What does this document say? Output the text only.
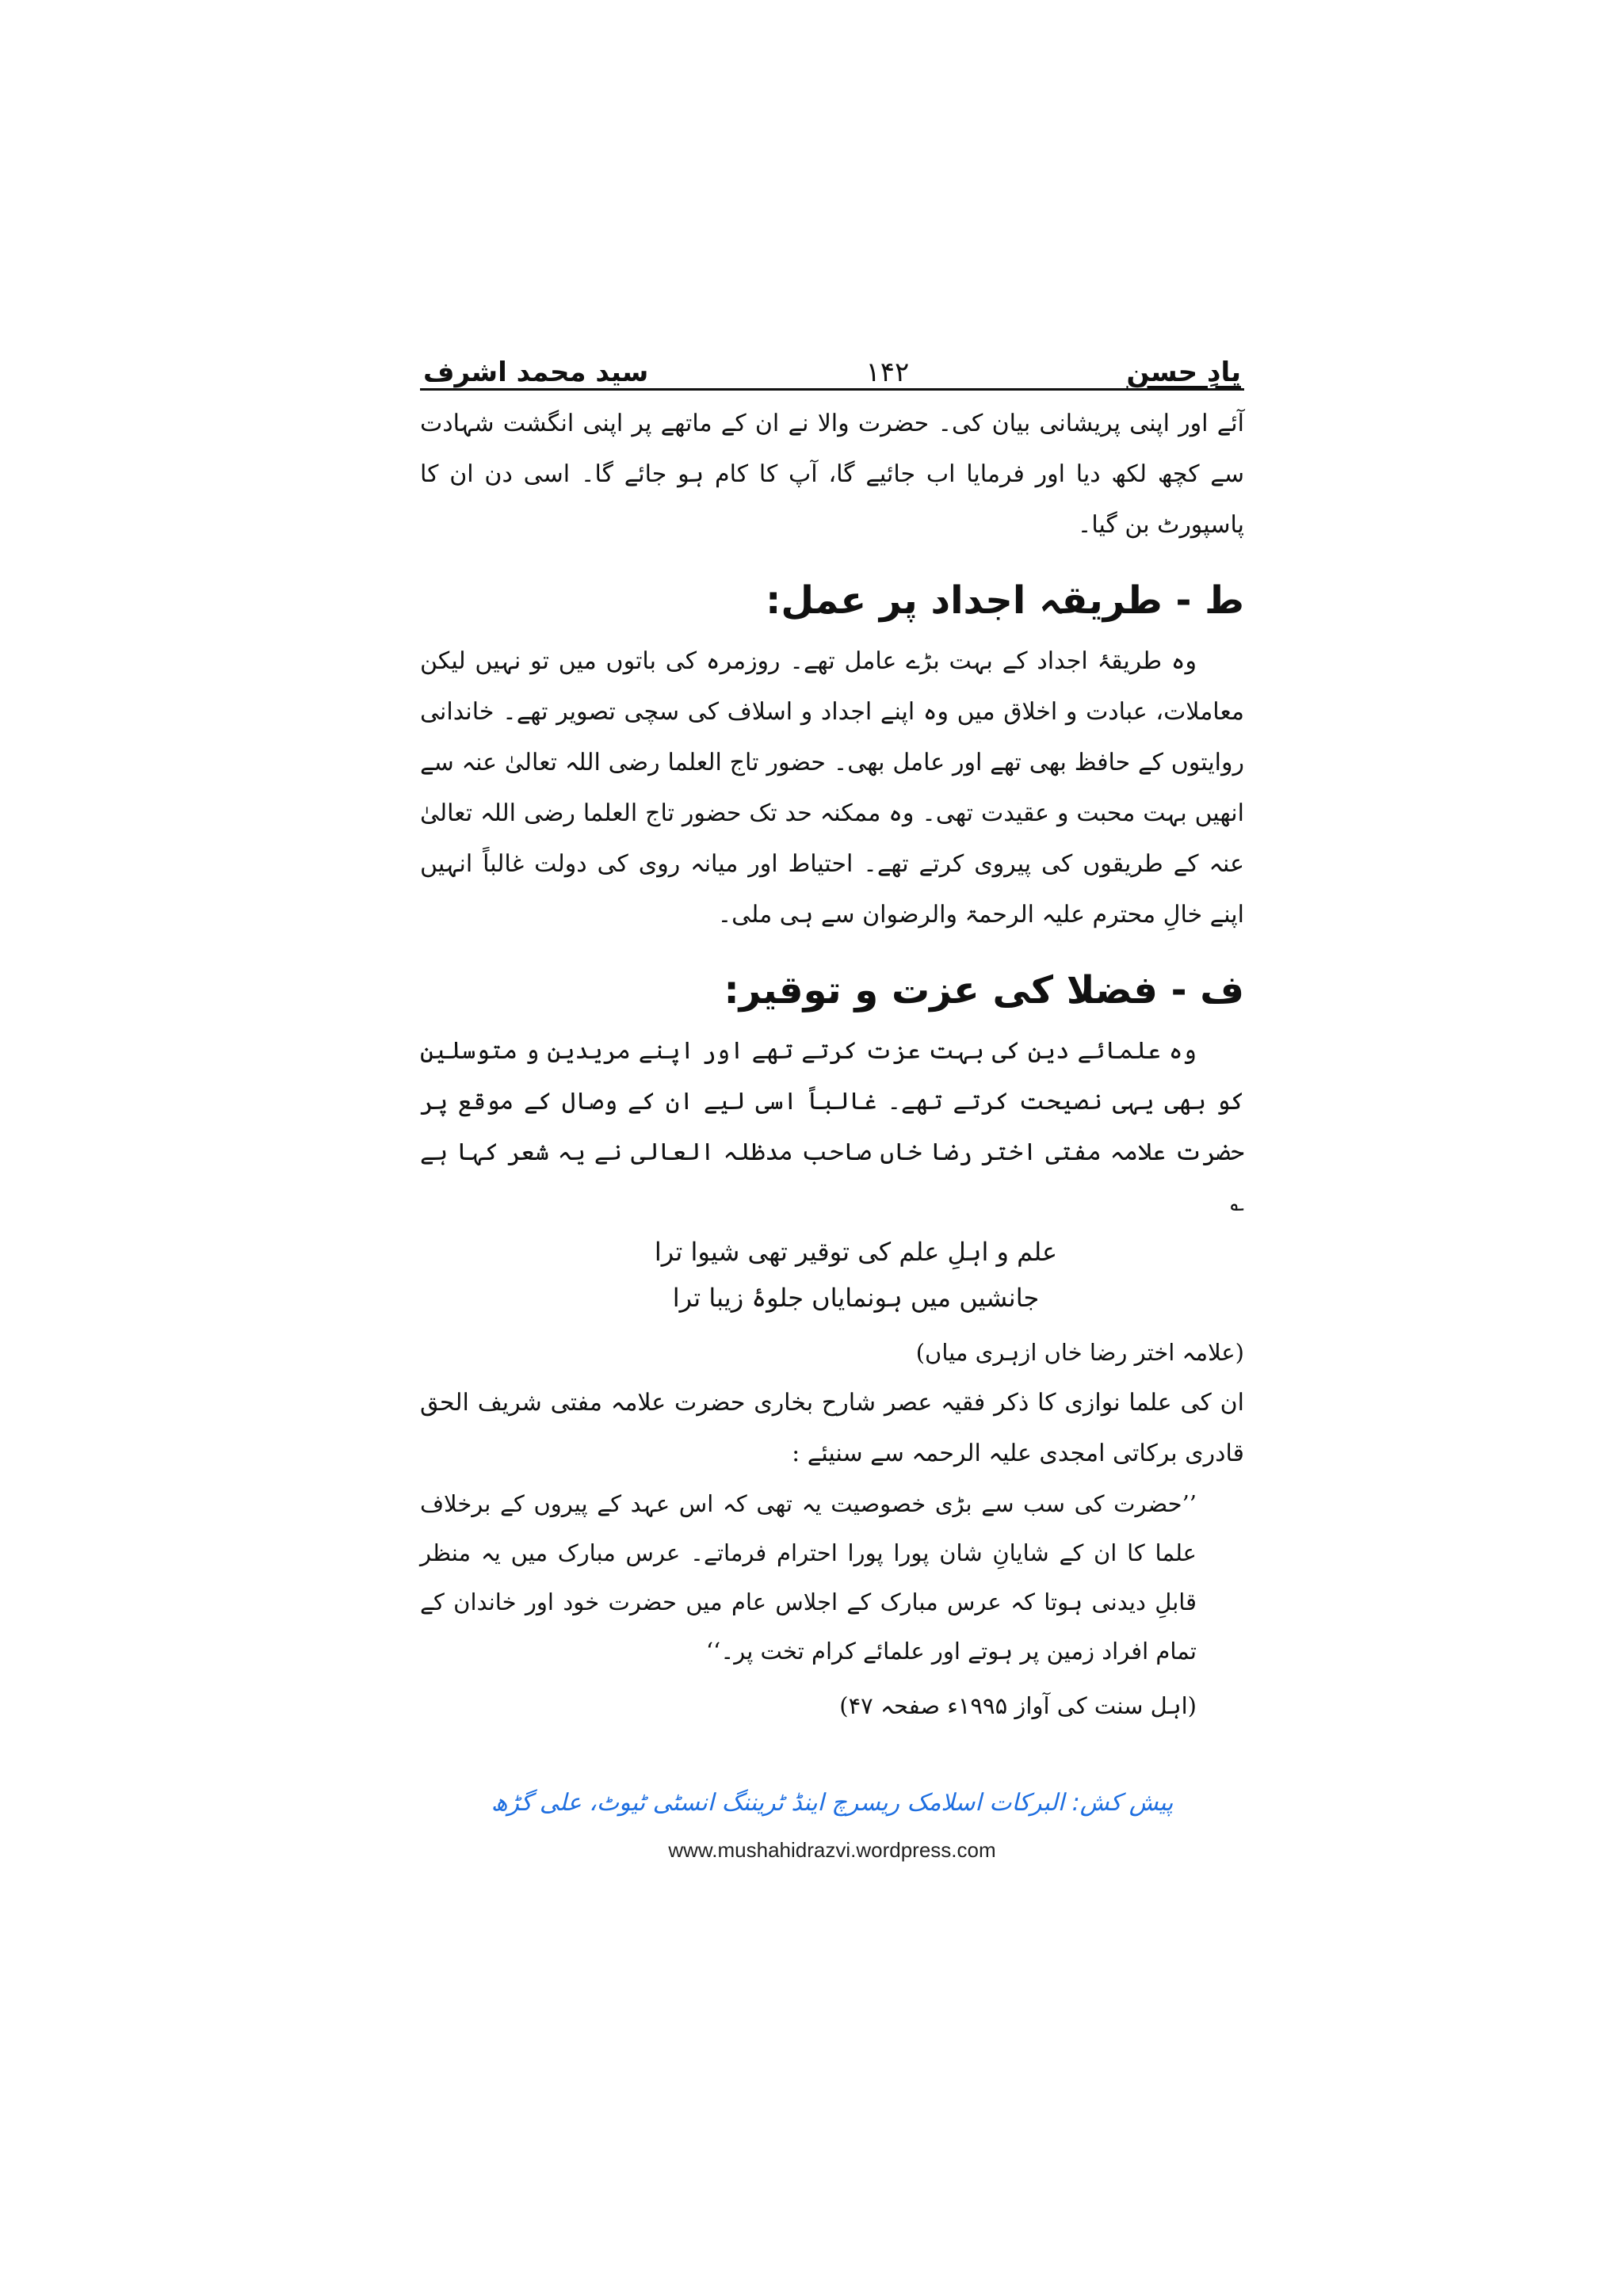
یادِ حسن
۱۴۲
سید محمد اشرف

آئے اور اپنی پریشانی بیان کی۔ حضرت والا نے ان کے ماتھے پر اپنی انگشت شہادت سے کچھ لکھ دیا اور فرمایا اب جائیے گا، آپ کا کام ہو جائے گا۔ اسی دن ان کا پاسپورٹ بن گیا۔

ط - طریقہ اجداد پر عمل:

وہ طریقۂ اجداد کے بہت بڑے عامل تھے۔ روزمرہ کی باتوں میں تو نہیں لیکن معاملات، عبادت و اخلاق میں وہ اپنے اجداد و اسلاف کی سچی تصویر تھے۔ خاندانی روایتوں کے حافظ بھی تھے اور عامل بھی۔ حضور تاج العلما رضی اللہ تعالیٰ عنہ سے انھیں بہت محبت و عقیدت تھی۔ وہ ممکنہ حد تک حضور تاج العلما رضی اللہ تعالیٰ عنہ کے طریقوں کی پیروی کرتے تھے۔ احتیاط اور میانہ روی کی دولت غالباً انہیں اپنے خالِ محترم علیہ الرحمۃ والرضوان سے ہی ملی۔

ف - فضلا کی عزت و توقیر:

وہ علمائے دین کی بہت عزت کرتے تھے اور اپنے مریدین و متوسلین کو بھی یہی نصیحت کرتے تھے۔ غالباً اسی لیے ان کے وصال کے موقع پر حضرت علامہ مفتی اختر رضا خاں صاحب مدظلہ العالی نے یہ شعر کہا ہے ؎

علم و اہلِ علم کی توقیر تھی شیوا ترا

جانشیں میں ہونمایاں جلوۂ زیبا ترا

(علامہ اختر رضا خاں ازہری میاں)

ان کی علما نوازی کا ذکر فقیہ عصر شارح بخاری حضرت علامہ مفتی شریف الحق قادری برکاتی امجدی علیہ الرحمہ سے سنیئے :

’’حضرت کی سب سے بڑی خصوصیت یہ تھی کہ اس عہد کے پیروں کے برخلاف علما کا ان کے شایانِ شان پورا پورا احترام فرماتے۔ عرس مبارک میں یہ منظر قابلِ دیدنی ہوتا کہ عرس مبارک کے اجلاس عام میں حضرت خود اور خاندان کے تمام افراد زمین پر ہوتے اور علمائے کرام تخت پر۔‘‘

(اہل سنت کی آواز ۱۹۹۵ء صفحہ ۴۷)

پیش کش: البرکات اسلامک ریسرچ اینڈ ٹریننگ انسٹی ٹیوٹ، علی گڑھ
www.mushahidrazvi.wordpress.com
